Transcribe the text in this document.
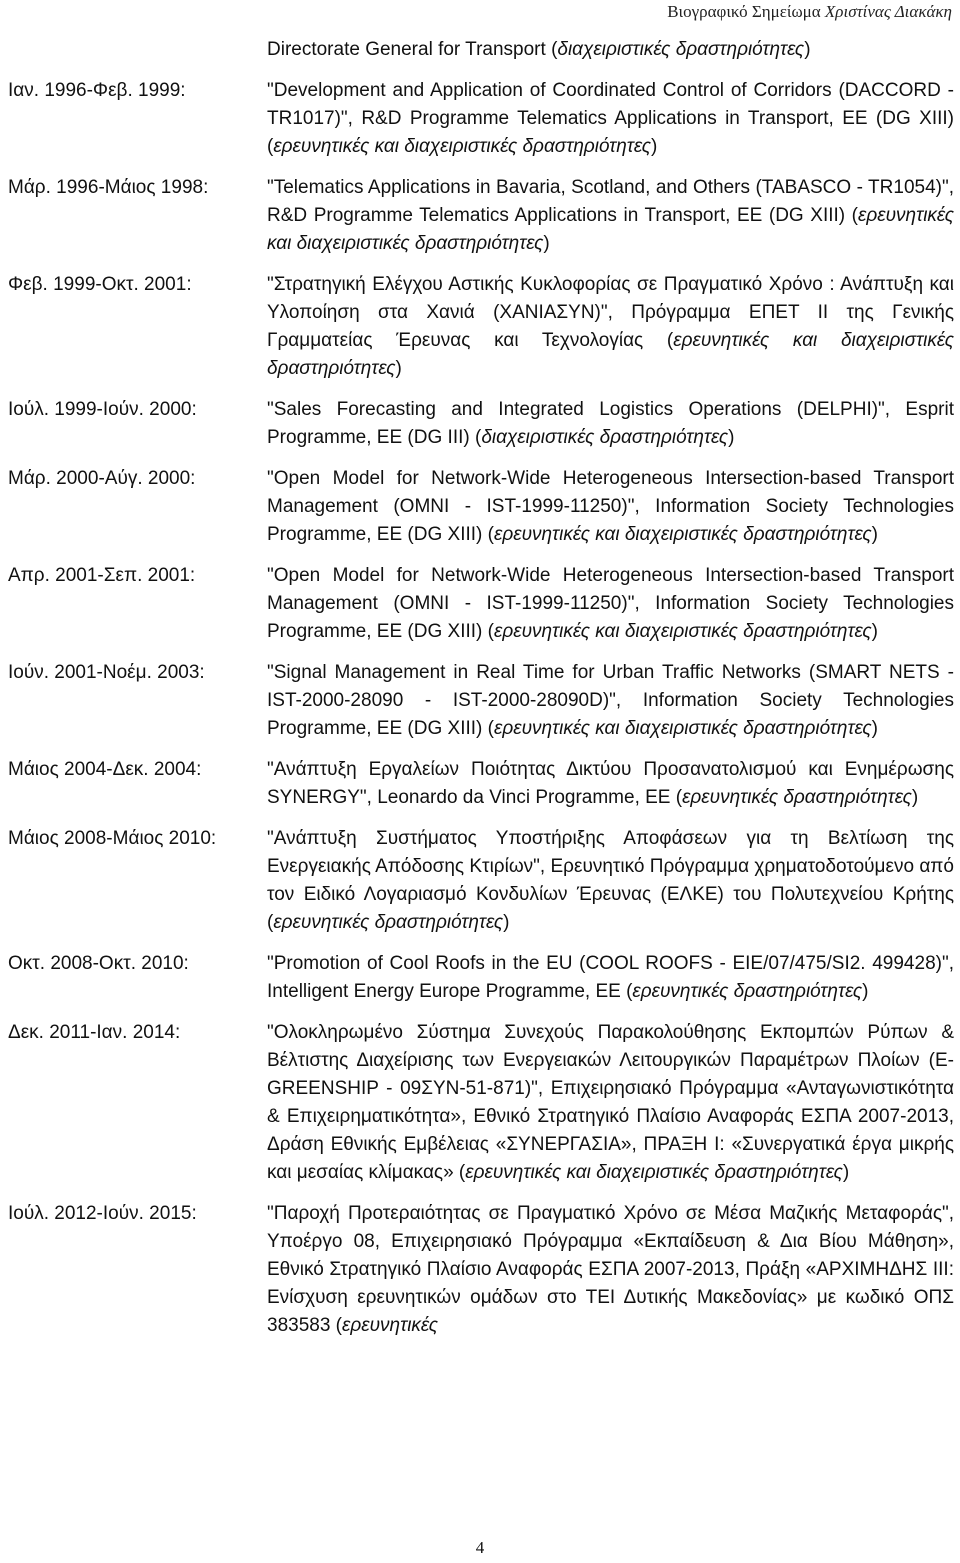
Βιογραφικό Σημείωμα Χριστίνας Διακάκη
Directorate General for Transport (διαχειριστικές δραστηριότητες)
Ιαν. 1996-Φεβ. 1999:	"Development and Application of Coordinated Control of Corridors (DACCORD - TR1017)", R&D Programme Telematics Applications in Transport, EE (DG XIII) (ερευνητικές και διαχειριστικές δραστηριότητες)
Μάρ. 1996-Μάιος 1998:	"Telematics Applications in Bavaria, Scotland, and Others (TABASCO - TR1054)", R&D Programme Telematics Applications in Transport, EE (DG XIII) (ερευνητικές και διαχειριστικές δραστηριότητες)
Φεβ. 1999-Οκτ. 2001:	"Στρατηγική Ελέγχου Αστικής Κυκλοφορίας σε Πραγματικό Χρόνο : Ανάπτυξη και Υλοποίηση στα Χανιά (ΧΑΝΙΑΣΥΝ)", Πρόγραμμα ΕΠΕΤ ΙΙ της Γενικής Γραμματείας Έρευνας και Τεχνολογίας (ερευνητικές και διαχειριστικές δραστηριότητες)
Ιούλ. 1999-Ιούν. 2000:	"Sales Forecasting and Integrated Logistics Operations (DELPHI)", Esprit Programme, EE (DG III) (διαχειριστικές δραστηριότητες)
Μάρ. 2000-Αύγ. 2000:	"Open Model for Network-Wide Heterogeneous Intersection-based Transport Management (OMNI - IST-1999-11250)", Information Society Technologies Programme, EE (DG XIII) (ερευνητικές και διαχειριστικές δραστηριότητες)
Απρ. 2001-Σεπ. 2001:	"Open Model for Network-Wide Heterogeneous Intersection-based Transport Management (OMNI - IST-1999-11250)", Information Society Technologies Programme, EE (DG XIII) (ερευνητικές και διαχειριστικές δραστηριότητες)
Ιούν. 2001-Νοέμ. 2003:	"Signal Management in Real Time for Urban Traffic Networks (SMART NETS - IST-2000-28090 - IST-2000-28090D)", Information Society Technologies Programme, EE (DG XIII) (ερευνητικές και διαχειριστικές δραστηριότητες)
Μάιος 2004-Δεκ. 2004:	"Ανάπτυξη Εργαλείων Ποιότητας Δικτύου Προσανατολισμού και Ενημέρωσης SYNERGY", Leonardo da Vinci Programme, EE (ερευνητικές δραστηριότητες)
Μάιος 2008-Μάιος 2010:	"Ανάπτυξη Συστήματος Υποστήριξης Αποφάσεων για τη Βελτίωση της Ενεργειακής Απόδοσης Κτιρίων", Ερευνητικό Πρόγραμμα χρηματοδοτούμενο από τον Ειδικό Λογαριασμό Κονδυλίων Έρευνας (ΕΛΚΕ) του Πολυτεχνείου Κρήτης (ερευνητικές δραστηριότητες)
Οκτ. 2008-Οκτ. 2010:	"Promotion of Cool Roofs in the EU (COOL ROOFS - EIE/07/475/SI2. 499428)", Intelligent Energy Europe Programme, EE (ερευνητικές δραστηριότητες)
Δεκ. 2011-Ιαν. 2014:	"Ολοκληρωμένο Σύστημα Συνεχούς Παρακολούθησης Εκπομπών Ρύπων & Βέλτιστης Διαχείρισης των Ενεργειακών Λειτουργικών Παραμέτρων Πλοίων (E-GREENSHIP - 09ΣΥΝ-51-871)", Επιχειρησιακό Πρόγραμμα «Ανταγωνιστικότητα & Επιχειρηματικότητα», Εθνικό Στρατηγικό Πλαίσιο Αναφοράς ΕΣΠΑ 2007-2013, Δράση Εθνικής Εμβέλειας «ΣΥΝΕΡΓΑΣΙΑ», ΠΡΑΞΗ Ι: «Συνεργατικά έργα μικρής και μεσαίας κλίμακας» (ερευνητικές και διαχειριστικές δραστηριότητες)
Ιούλ. 2012-Ιούν. 2015:	"Παροχή Προτεραιότητας σε Πραγματικό Χρόνο σε Μέσα Μαζικής Μεταφοράς", Υποέργο 08, Επιχειρησιακό Πρόγραμμα «Εκπαίδευση & Δια Βίου Μάθηση», Εθνικό Στρατηγικό Πλαίσιο Αναφοράς ΕΣΠΑ 2007-2013, Πράξη «ΑΡΧΙΜΗΔΗΣ ΙΙΙ: Ενίσχυση ερευνητικών ομάδων στο ΤΕΙ Δυτικής Μακεδονίας» με κωδικό ΟΠΣ 383583 (ερευνητικές
4
